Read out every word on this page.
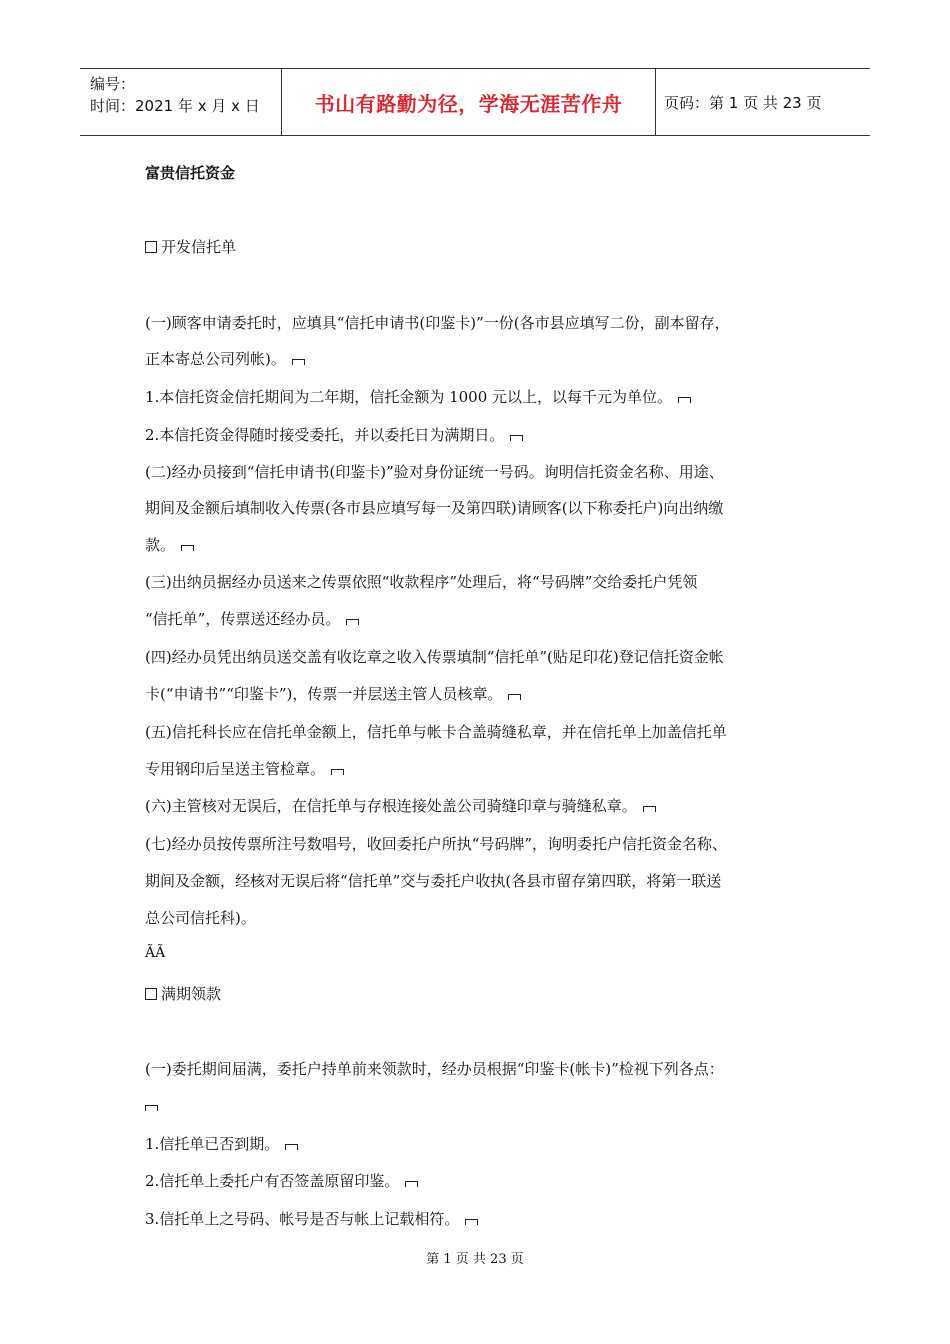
编号：
时间：2021 年 x 月 x 日	书山有路勤为径，学海无涯苦作舟	页码：第 1 页 共 23 页
富贵信托资金
开发信托单
(一)顾客申请委托时，应填具“信托申请书(印鉴卡)”一份(各市县应填写二份，副本留存，
正本寄总公司列帐)。
1.本信托资金信托期间为二年期，信托金额为 1000 元以上，以每千元为单位。
2.本信托资金得随时接受委托，并以委托日为满期日。
(二)经办员接到“信托申请书(印鉴卡)”验对身份证统一号码。询明信托资金名称、用途、
期间及金额后填制收入传票(各市县应填写每一及第四联)请顾客(以下称委托户)向出纳缴
款。
(三)出纳员据经办员送来之传票依照“收款程序”处理后，将“号码牌”交给委托户凭领
“信托单”，传票送还经办员。
(四)经办员凭出纳员送交盖有收讫章之收入传票填制“信托单”(贴足印花)登记信托资金帐
卡(“申请书”“印鉴卡”)，传票一并层送主管人员核章。
(五)信托科长应在信托单金额上，信托单与帐卡合盖骑缝私章，并在信托单上加盖信托单
专用钢印后呈送主管检章。
(六)主管核对无误后，在信托单与存根连接处盖公司骑缝印章与骑缝私章。
(七)经办员按传票所注号数唱号，收回委托户所执“号码牌”，询明委托户信托资金名称、
期间及金额，经核对无误后将“信托单”交与委托户收执(各县市留存第四联，将第一联送
总公司信托科)。
ÃÃ
满期领款
(一)委托期间届满，委托户持单前来领款时，经办员根据“印鉴卡(帐卡)”检视下列各点：
1.信托单已否到期。
2.信托单上委托户有否签盖原留印鉴。
3.信托单上之号码、帐号是否与帐上记载相符。
第 1 页 共 23 页
